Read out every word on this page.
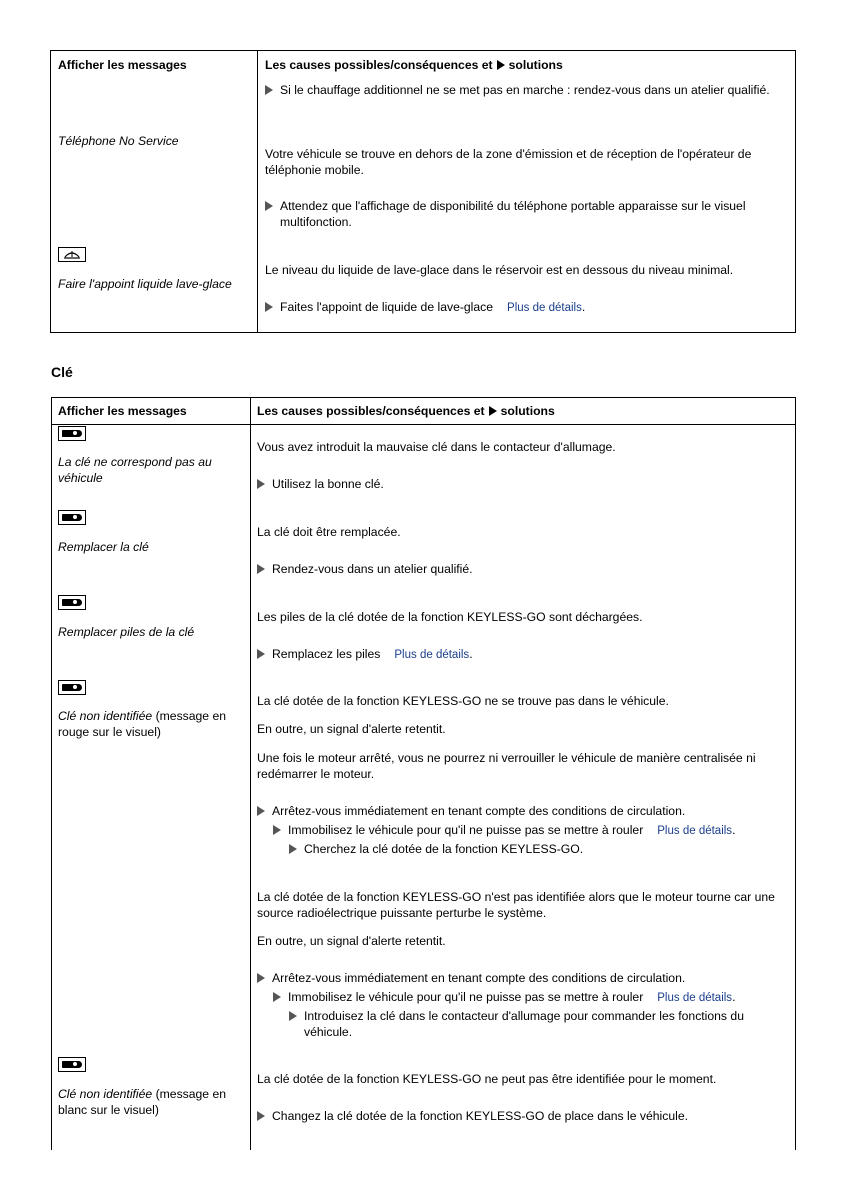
Afficher les messages	Les causes possibles/conséquences et solutions
Si le chauffage additionnel ne se met pas en marche : rendez-vous dans un atelier qualifié.
Téléphone No Service
Votre véhicule se trouve en dehors de la zone d'émission et de réception de l'opérateur de téléphonie mobile.
Attendez que l'affichage de disponibilité du téléphone portable apparaisse sur le visuel multifonction.
Faire l'appoint liquide lave-glace
Le niveau du liquide de lave-glace dans le réservoir est en dessous du niveau minimal.
Faites l'appoint de liquide de lave-glace Plus de détails.
Clé
Afficher les messages	Les causes possibles/conséquences et solutions
La clé ne correspond pas au véhicule
Vous avez introduit la mauvaise clé dans le contacteur d'allumage.
Utilisez la bonne clé.
Remplacer la clé
La clé doit être remplacée.
Rendez-vous dans un atelier qualifié.
Remplacer piles de la clé
Les piles de la clé dotée de la fonction KEYLESS-GO sont déchargées.
Remplacez les piles Plus de détails.
Clé non identifiée (message en rouge sur le visuel)
La clé dotée de la fonction KEYLESS-GO ne se trouve pas dans le véhicule.
En outre, un signal d'alerte retentit.
Une fois le moteur arrêté, vous ne pourrez ni verrouiller le véhicule de manière centralisée ni redémarrer le moteur.
Arrêtez-vous immédiatement en tenant compte des conditions de circulation.
Immobilisez le véhicule pour qu'il ne puisse pas se mettre à rouler Plus de détails.
Cherchez la clé dotée de la fonction KEYLESS-GO.
La clé dotée de la fonction KEYLESS-GO n'est pas identifiée alors que le moteur tourne car une source radioélectrique puissante perturbe le système.
En outre, un signal d'alerte retentit.
Arrêtez-vous immédiatement en tenant compte des conditions de circulation.
Immobilisez le véhicule pour qu'il ne puisse pas se mettre à rouler Plus de détails.
Introduisez la clé dans le contacteur d'allumage pour commander les fonctions du véhicule.
Clé non identifiée (message en blanc sur le visuel)
La clé dotée de la fonction KEYLESS-GO ne peut pas être identifiée pour le moment.
Changez la clé dotée de la fonction KEYLESS-GO de place dans le véhicule.
